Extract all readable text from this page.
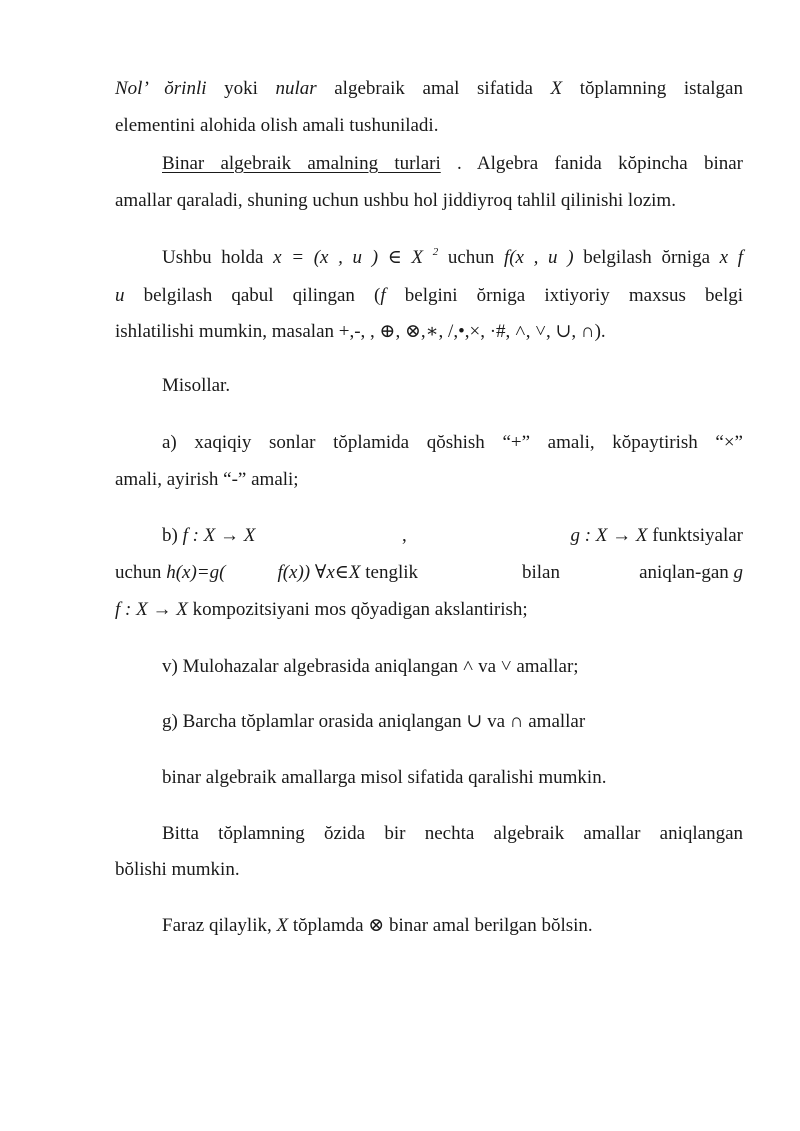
Nol’ ŏrinli yoki nular algebraik amal sifatida X tŏplamning istalgan
elementini alohida olish amali tushuniladi.
Binar algebraik amalning turlari . Algebra fanida kŏpincha binar
amallar qaraladi, shuning uchun ushbu hol jiddiyroq tahlil qilinishi lozim.
Ushbu holda x = (x , u ) ∈ X $^2$ uchun f(x , u ) belgilash ŏrniga x f
u belgilash qabul qilingan (f belgini ŏrniga ixtiyoriy maxsus belgi
ishlatilishi mumkin, masalan +,-, , ⊕, ⊗,∗, /,•,×, ·#, ˄, ˅, ∪, ∩).
Misollar.
a) xaqiqiy sonlar tŏplamida qŏshish “+” amali, kŏpaytirish “×”
amali, ayirish “-” amali;
b) f : X → X	,	g : X → X funktsiyalar
uchun h(x)=g(	f(x)) ∀x∈X tenglik	bilan	aniqlan-gan g
f : X → X kompozitsiyani mos qŏyadigan akslantirish;
v) Mulohazalar algebrasida aniqlangan ˄ va ˅ amallar;
g) Barcha tŏplamlar orasida aniqlangan ∪ va ∩ amallar
binar algebraik amallarga misol sifatida qaralishi mumkin.
Bitta tŏplamning ŏzida bir nechta algebraik amallar aniqlangan
bŏlishi mumkin.
Faraz qilaylik, X tŏplamda ⊗ binar amal berilgan bŏlsin.
